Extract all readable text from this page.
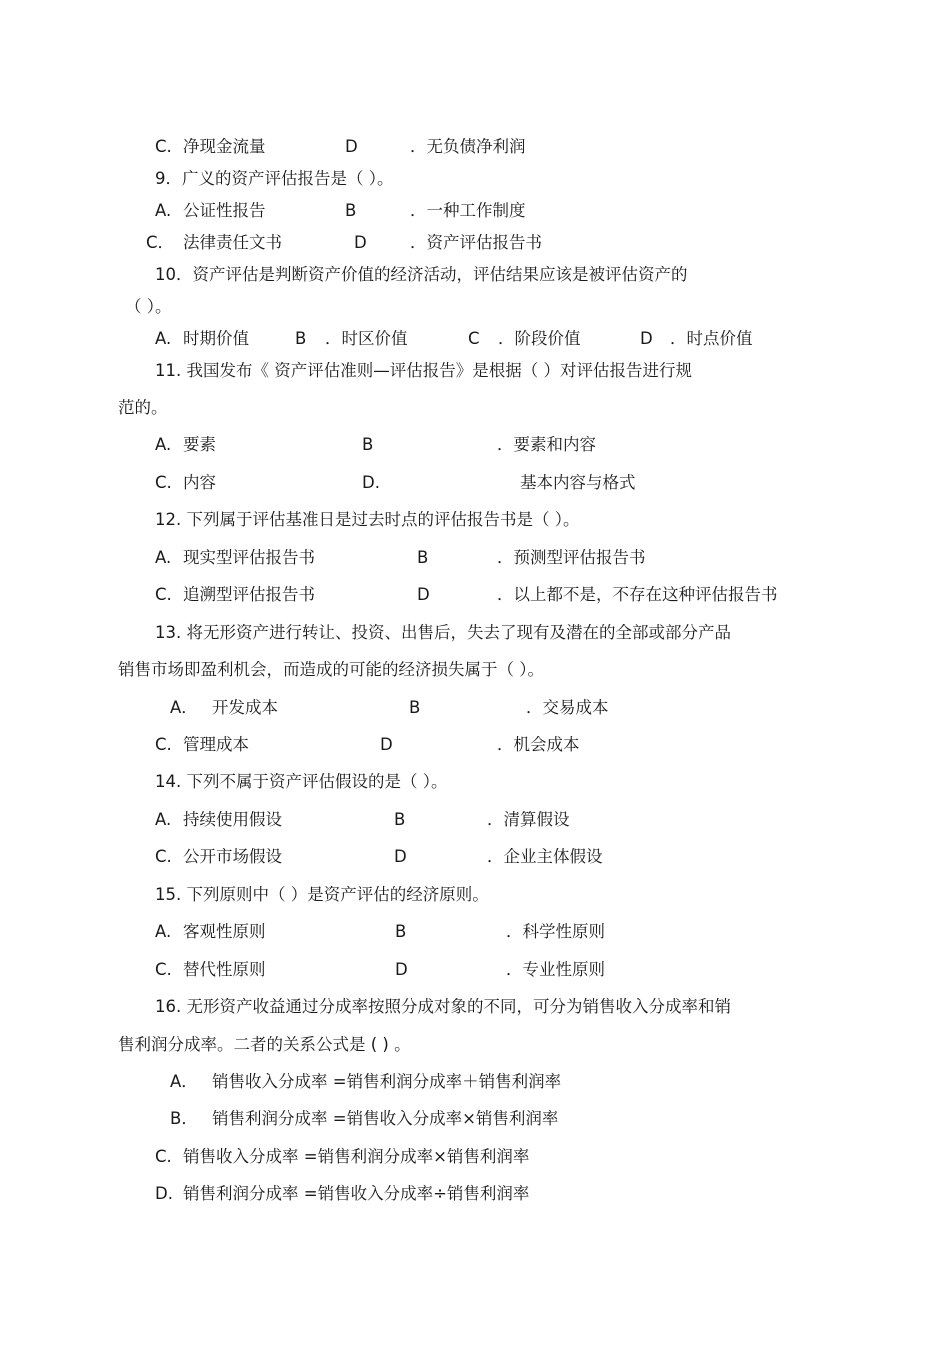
C. 净现金流量	D	．无负债净利润
9．广义的资产评估报告是（ ）。
A. 公证性报告	B	．一种工作制度
C． 法律责任文书	D	．资产评估报告书
10．资产评估是判断资产价值的经济活动，评估结果应该是被评估资产的
（ ）。
A. 时期价值	B ．时区价值	C ．阶段价值	D ．时点价值
11. 我国发布《 资产评估准则—评估报告》是根据（ ）对评估报告进行规
范的。
A. 要素	B	．要素和内容
C. 内容	D.	基本内容与格式
12. 下列属于评估基准日是过去时点的评估报告书是（ ）。
A. 现实型评估报告书	B	．预测型评估报告书
C. 追溯型评估报告书	D	．以上都不是，不存在这种评估报告书
13. 将无形资产进行转让、投资、出售后，失去了现有及潜在的全部或部分产品
销售市场即盈利机会，而造成的可能的经济损失属于（ ）。
A． 开发成本	B	．交易成本
C. 管理成本	D	．机会成本
14. 下列不属于资产评估假设的是（ ）。
A. 持续使用假设	B	．清算假设
C. 公开市场假设	D	．企业主体假设
15. 下列原则中（ ）是资产评估的经济原则。
A. 客观性原则	B	．科学性原则
C. 替代性原则	D	．专业性原则
16. 无形资产收益通过分成率按照分成对象的不同，可分为销售收入分成率和销
售利润分成率。二者的关系公式是 ( ) 。
A． 销售收入分成率 =销售利润分成率＋销售利润率
B． 销售利润分成率 =销售收入分成率×销售利润率
C. 销售收入分成率 =销售利润分成率×销售利润率
D. 销售利润分成率 =销售收入分成率÷销售利润率
